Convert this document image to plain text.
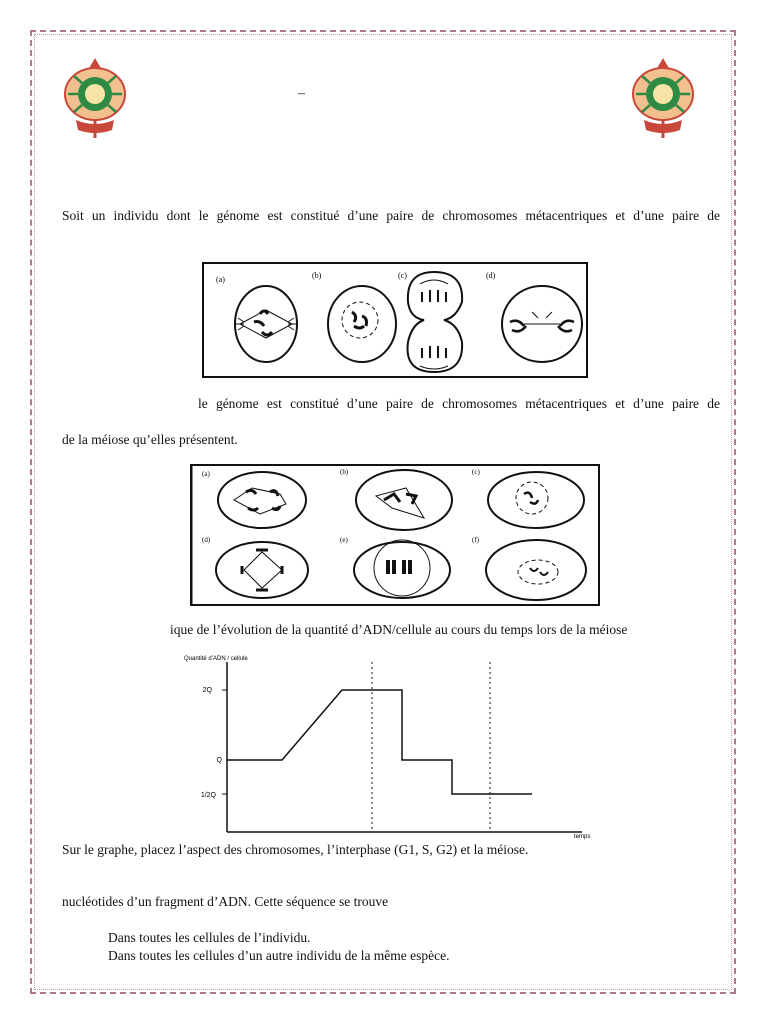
–
Soit un individu dont le génome est constitué d’une paire de chromosomes métacentriques et d’une paire de
(a)	(b)	(c)	(d)
le génome est constitué d’une paire de chromosomes métacentriques et d’une paire de
de la méiose qu’elles présentent.
(a)	(b)	(c)
(d)	(e)	(f)
ique de l’évolution de la quantité d’ADN/cellule au cours du temps lors de la méiose
Quantité d’ADN / cellule
temps
2Q
Q
1/2Q
Sur le graphe, placez l’aspect des chromosomes, l’interphase (G1, S, G2) et la méiose.
nucléotides d’un fragment d’ADN. Cette séquence se trouve
Dans toutes les cellules de l’individu.
Dans toutes les cellules d’un autre individu de la même espèce.
